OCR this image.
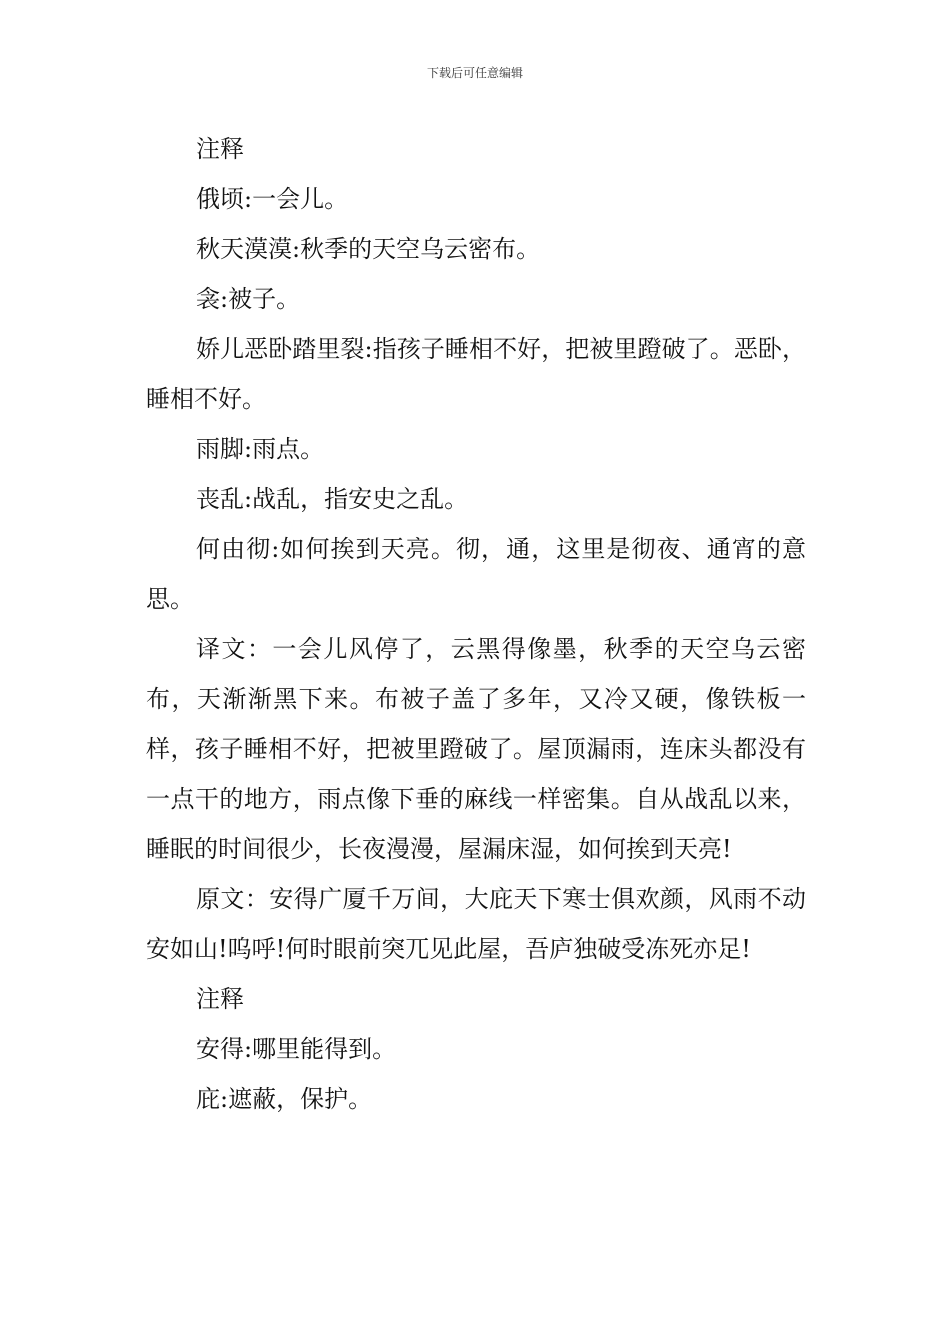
下载后可任意编辑

注释

俄顷:一会儿。

秋天漠漠:秋季的天空乌云密布。

衾:被子。

娇儿恶卧踏里裂:指孩子睡相不好，把被里蹬破了。恶卧，睡相不好。

雨脚:雨点。

丧乱:战乱，指安史之乱。

何由彻:如何挨到天亮。彻，通，这里是彻夜、通宵的意思。

译文：一会儿风停了，云黑得像墨，秋季的天空乌云密布，天渐渐黑下来。布被子盖了多年，又冷又硬，像铁板一样，孩子睡相不好，把被里蹬破了。屋顶漏雨，连床头都没有一点干的地方，雨点像下垂的麻线一样密集。自从战乱以来，睡眠的时间很少，长夜漫漫，屋漏床湿，如何挨到天亮!

原文：安得广厦千万间，大庇天下寒士俱欢颜，风雨不动安如山!呜呼!何时眼前突兀见此屋，吾庐独破受冻死亦足!

注释

安得:哪里能得到。

庇:遮蔽，保护。
